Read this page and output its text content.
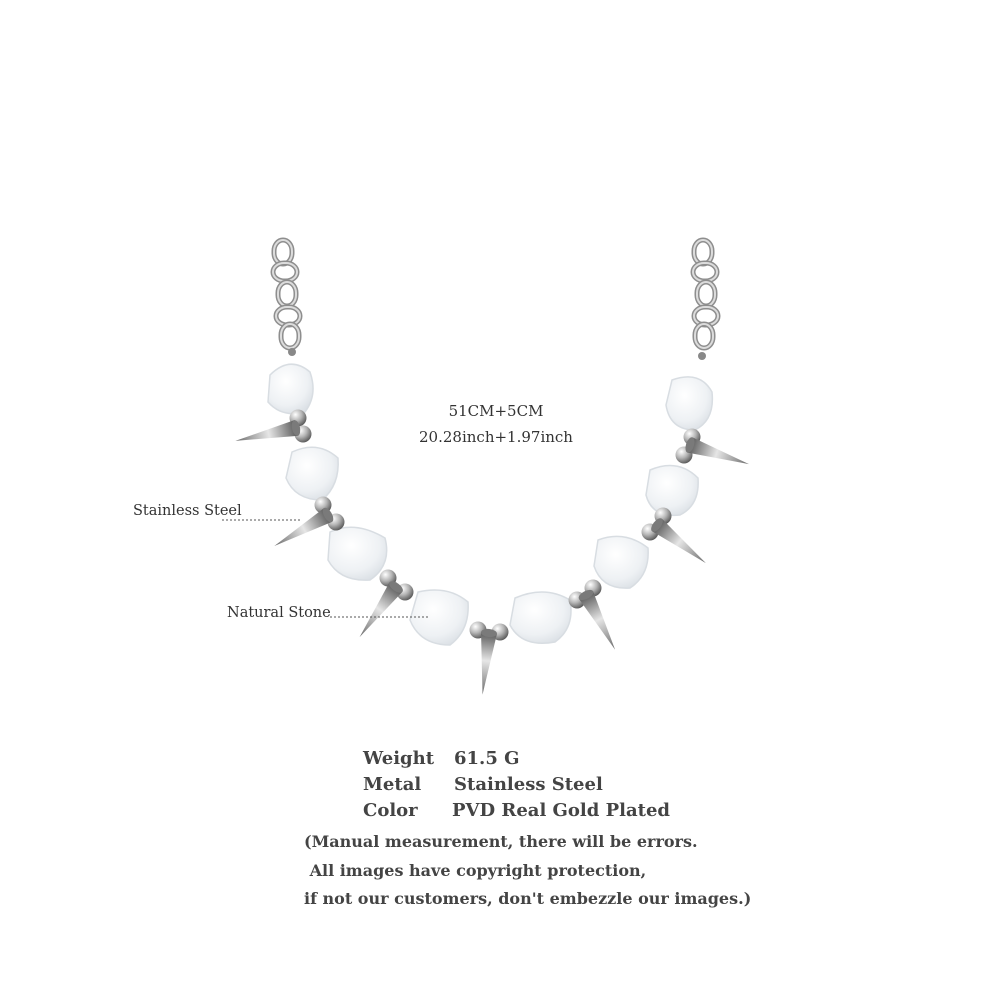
51CM+5CM
20.28inch+1.97inch
Stainless Steel
Natural Stone
Weight 61.5 G
Metal Stainless Steel
Color PVD Real Gold Plated
(Manual measurement, there will be errors.
All images have copyright protection,
if not our customers, don't embezzle our images.)
